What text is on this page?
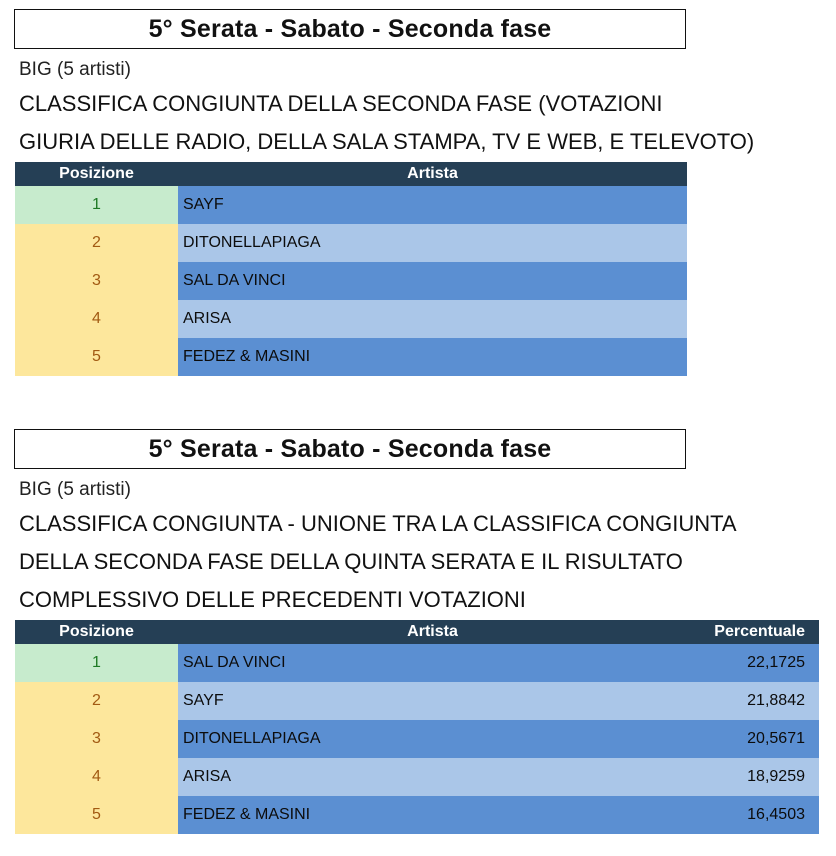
5° Serata - Sabato - Seconda fase
BIG (5 artisti)
CLASSIFICA CONGIUNTA DELLA SECONDA FASE (VOTAZIONI
GIURIA DELLE RADIO, DELLA SALA STAMPA, TV E WEB, E TELEVOTO)
Posizione	Artista
1	SAYF
2	DITONELLAPIAGA
3	SAL DA VINCI
4	ARISA
5	FEDEZ & MASINI
5° Serata - Sabato - Seconda fase
BIG (5 artisti)
CLASSIFICA CONGIUNTA - UNIONE TRA LA CLASSIFICA CONGIUNTA
DELLA SECONDA FASE DELLA QUINTA SERATA E IL RISULTATO
COMPLESSIVO DELLE PRECEDENTI VOTAZIONI
Posizione	Artista	Percentuale
1	SAL DA VINCI	22,1725
2	SAYF	21,8842
3	DITONELLAPIAGA	20,5671
4	ARISA	18,9259
5	FEDEZ & MASINI	16,4503
